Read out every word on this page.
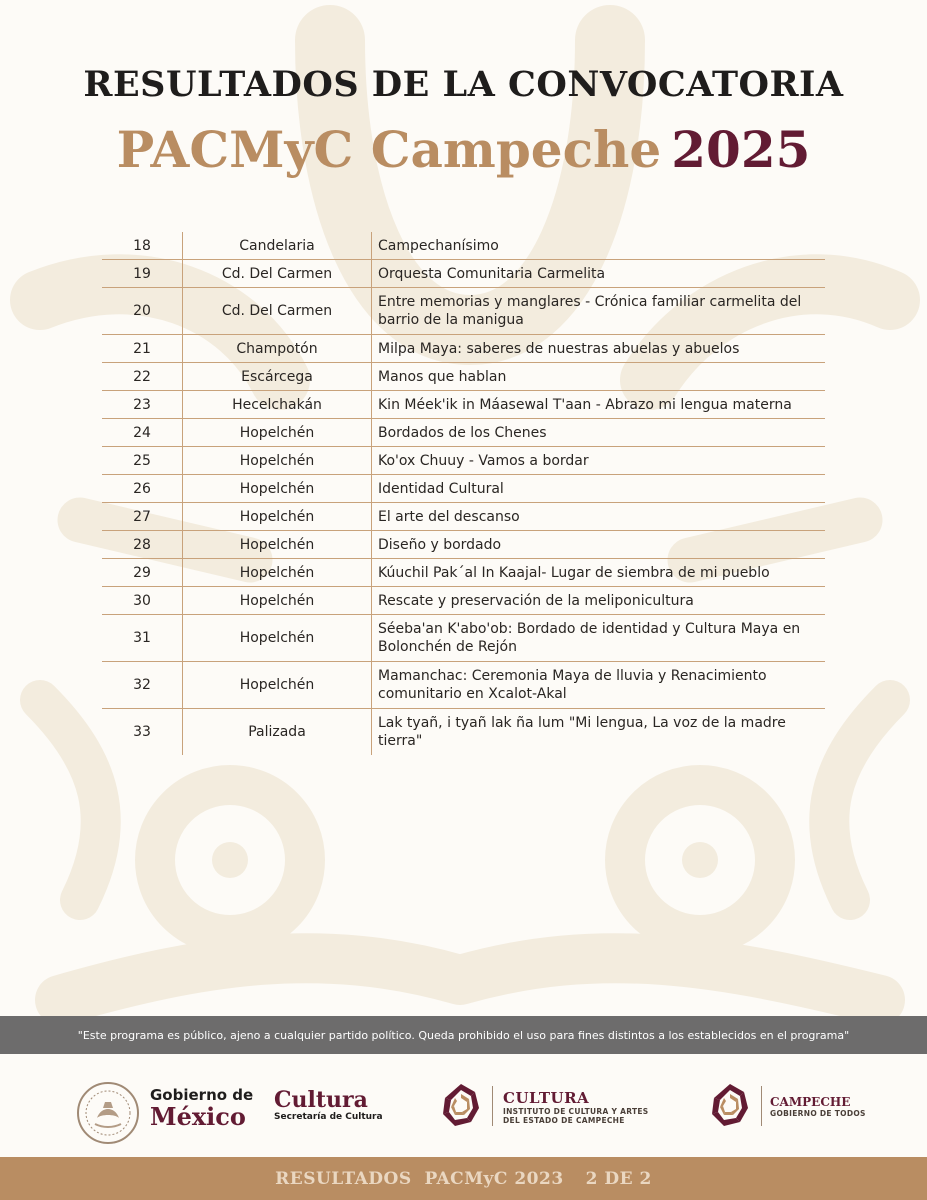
RESULTADOS DE LA CONVOCATORIA
PACMyC Campeche 2025
18	Candelaria	Campechanísimo
19	Cd. Del Carmen	Orquesta Comunitaria Carmelita
20	Cd. Del Carmen	Entre memorias y manglares - Crónica familiar carmelita del barrio de la manigua
21	Champotón	Milpa Maya: saberes de nuestras abuelas y abuelos
22	Escárcega	Manos que hablan
23	Hecelchakán	Kin Méek'ik in Máasewal T'aan - Abrazo mi lengua materna
24	Hopelchén	Bordados de los Chenes
25	Hopelchén	Ko'ox Chuuy - Vamos a bordar
26	Hopelchén	Identidad Cultural
27	Hopelchén	El arte del descanso
28	Hopelchén	Diseño y bordado
29	Hopelchén	Kúuchil Pak´al In Kaajal- Lugar de siembra de mi pueblo
30	Hopelchén	Rescate y preservación de la meliponicultura
31	Hopelchén	Séeba'an K'abo'ob: Bordado de identidad y Cultura Maya en Bolonchén de Rejón
32	Hopelchén	Mamanchac: Ceremonia Maya de lluvia y Renacimiento comunitario en Xcalot-Akal
33	Palizada	Lak tyañ, i tyañ lak ña lum "Mi lengua, La voz de la madre tierra"
"Este programa es público, ajeno a cualquier partido político. Queda prohibido el uso para fines distintos a los establecidos en el programa"
Gobierno de
México
Cultura
Secretaría de Cultura
CULTURA
INSTITUTO DE CULTURA Y ARTES
DEL ESTADO DE CAMPECHE
CAMPECHE
GOBIERNO DE TODOS
RESULTADOS  PACMyC 2023 2 DE 2
